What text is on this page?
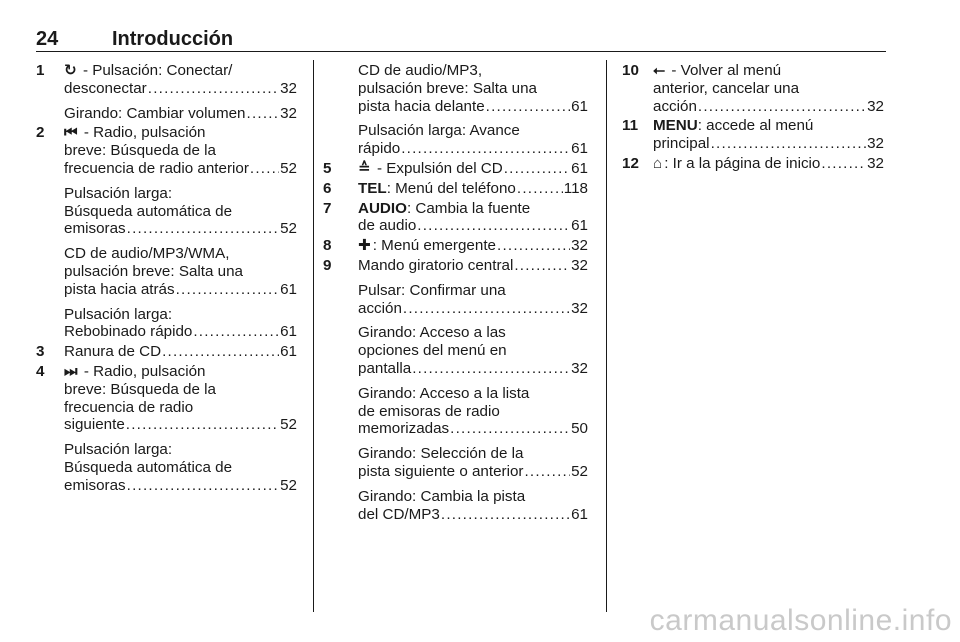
24	Introducción
1 ↻ - Pulsación: Conectar/
desconectar . . .	32
Girando: Cambiar volumen . . . 32
2 ⏮ - Radio, pulsación
breve: Búsqueda de la
frecuencia de radio anterior . . . 52
Pulsación larga:
Búsqueda automática de
emisoras . . .	52
CD de audio/MP3/WMA,
pulsación breve: Salta una
pista hacia atrás . . .	61
Pulsación larga:
Rebobinado rápido . . .	61
3 Ranura de CD . . .	61
4 ⏭ - Radio, pulsación
breve: Búsqueda de la
frecuencia de radio
siguiente . . .	52
Pulsación larga:
Búsqueda automática de
emisoras . . .	52
CD de audio/MP3,
pulsación breve: Salta una
pista hacia delante . . .	61
Pulsación larga: Avance
rápido . . .	61
5 ≙ - Expulsión del CD . . .	61
6 TEL: Menú del teléfono . . .	118
7 AUDIO: Cambia la fuente
de audio . . .	61
8 ✚ : Menú emergente . . .	32
9 Mando giratorio central . . .	32
Pulsar: Confirmar una
acción . . .	32
Girando: Acceso a las
opciones del menú en
pantalla . . .	32
Girando: Acceso a la lista
de emisoras de radio
memorizadas . . .	50
Girando: Selección de la
pista siguiente o anterior . . .	52
Girando: Cambia la pista
del CD/MP3 . . .	61
10 ⭠ - Volver al menú
anterior, cancelar una
acción . . .	32
11 MENU: accede al menú
principal . . .	32
12 ⌂ : Ir a la página de inicio . . .	32
carmanualsonline.info
